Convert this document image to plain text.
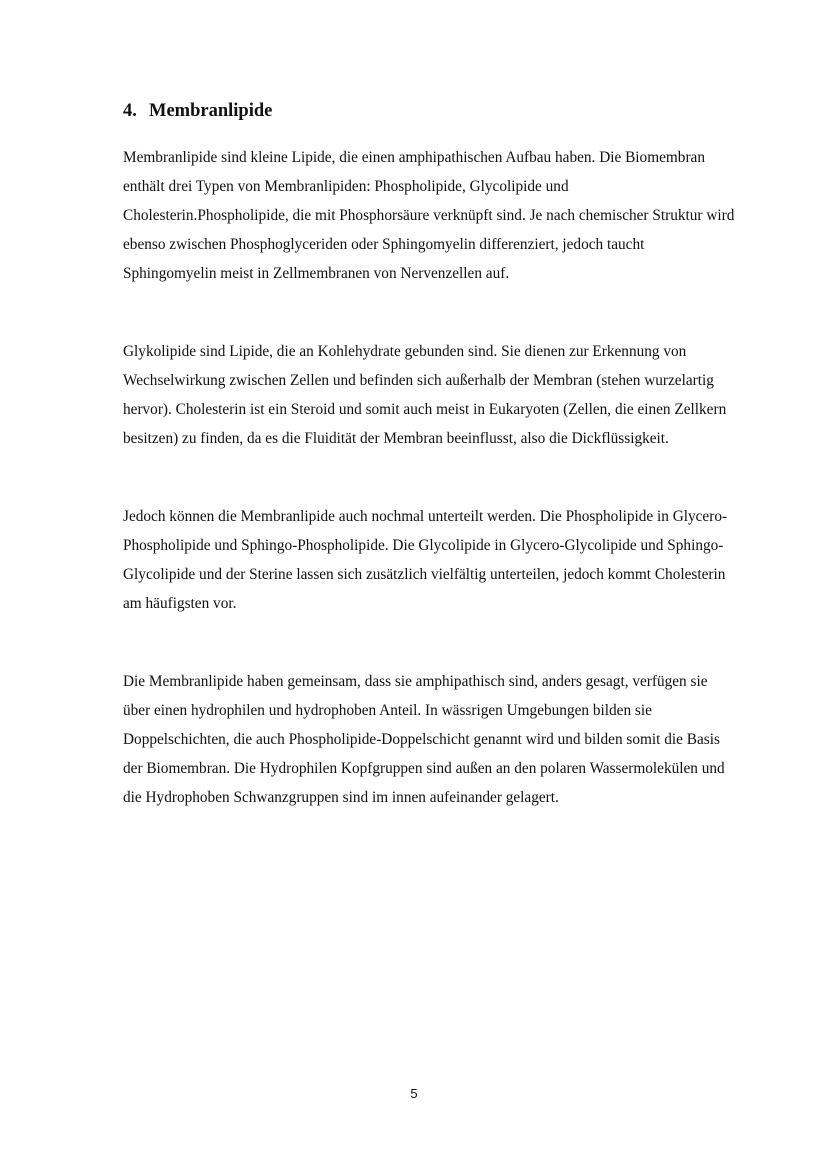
4. Membranlipide

Membranlipide sind kleine Lipide, die einen amphipathischen Aufbau haben. Die Biomembran enthält drei Typen von Membranlipiden: Phospholipide, Glycolipide und Cholesterin.Phospholipide, die mit Phosphorsäure verknüpft sind. Je nach chemischer Struktur wird ebenso zwischen Phosphoglyceriden oder Sphingomyelin differenziert, jedoch taucht Sphingomyelin meist in Zellmembranen von Nervenzellen auf.

Glykolipide sind Lipide, die an Kohlehydrate gebunden sind. Sie dienen zur Erkennung von Wechselwirkung zwischen Zellen und befinden sich außerhalb der Membran (stehen wurzelartig hervor). Cholesterin ist ein Steroid und somit auch meist in Eukaryoten (Zellen, die einen Zellkern besitzen) zu finden, da es die Fluidität der Membran beeinflusst, also die Dickflüssigkeit.

Jedoch können die Membranlipide auch nochmal unterteilt werden. Die Phospholipide in Glycero-Phospholipide und Sphingo-Phospholipide. Die Glycolipide in Glycero-Glycolipide und Sphingo-Glycolipide und der Sterine lassen sich zusätzlich vielfältig unterteilen, jedoch kommt Cholesterin am häufigsten vor.

Die Membranlipide haben gemeinsam, dass sie amphipathisch sind, anders gesagt, verfügen sie über einen hydrophilen und hydrophoben Anteil. In wässrigen Umgebungen bilden sie Doppelschichten, die auch Phospholipide-Doppelschicht genannt wird und bilden somit die Basis der Biomembran. Die Hydrophilen Kopfgruppen sind außen an den polaren Wassermolekülen und die Hydrophoben Schwanzgruppen sind im innen aufeinander gelagert.

5
